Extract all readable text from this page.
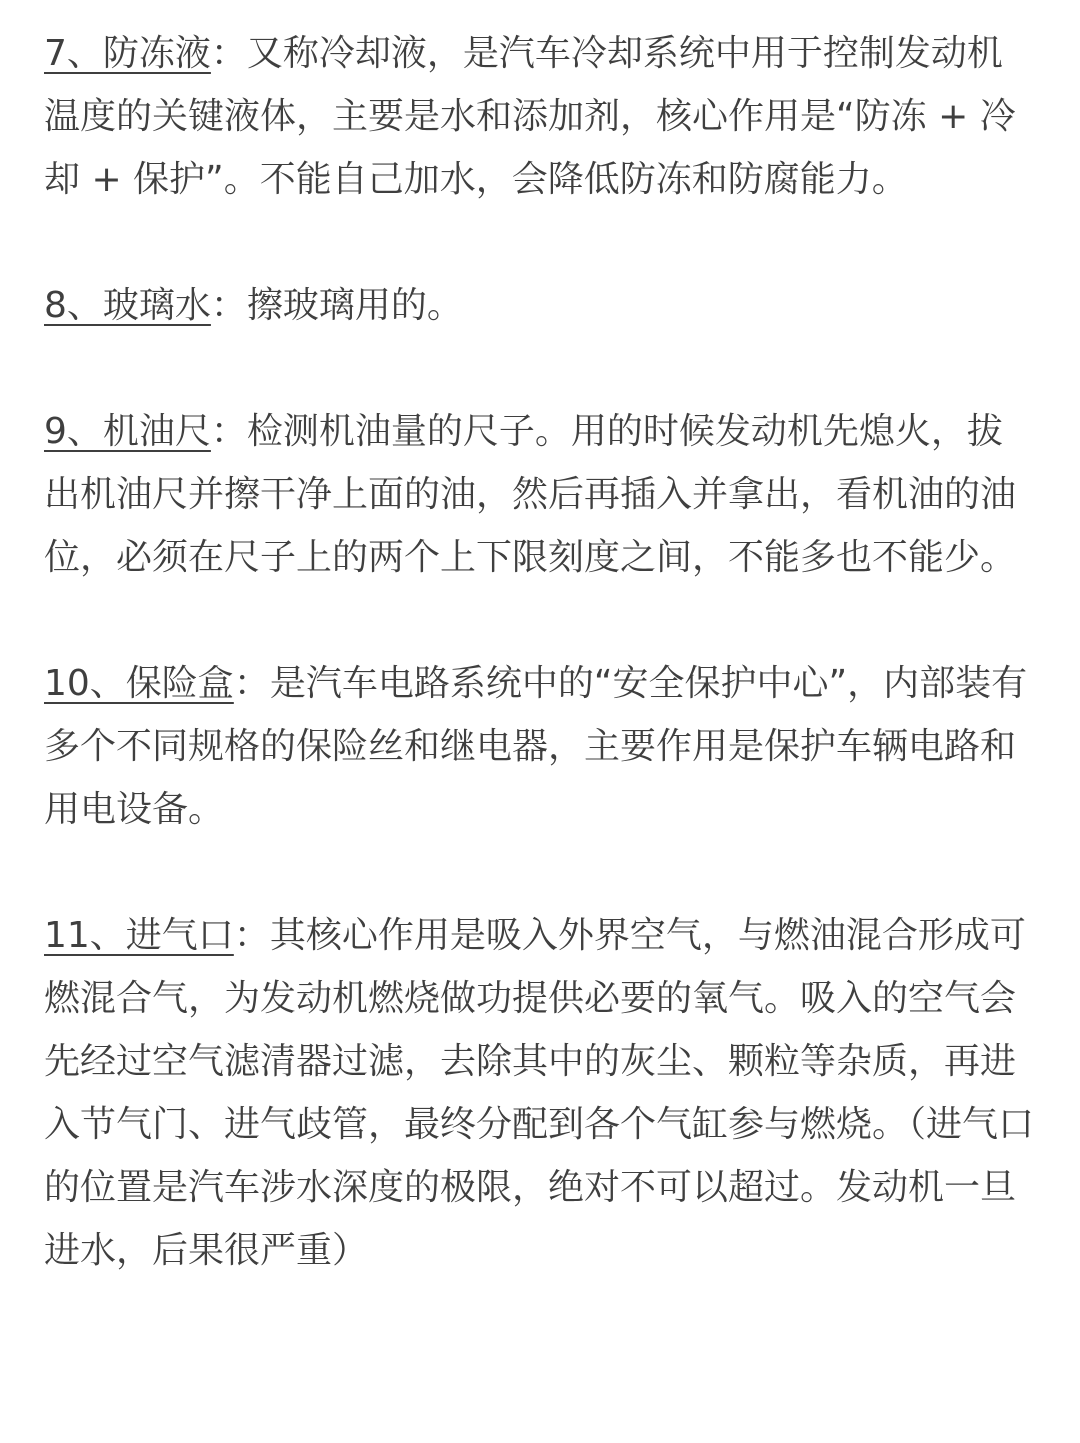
7、防冻液：又称冷却液，是汽车冷却系统中用于控制发动机温度的关键液体，主要是水和添加剂，核心作用是“防冻 + 冷却 + 保护”。不能自己加水，会降低防冻和防腐能力。

8、玻璃水：擦玻璃用的。

9、机油尺：检测机油量的尺子。用的时候发动机先熄火，拔出机油尺并擦干净上面的油，然后再插入并拿出，看机油的油位，必须在尺子上的两个上下限刻度之间，不能多也不能少。

10、保险盒：是汽车电路系统中的“安全保护中心”，内部装有多个不同规格的保险丝和继电器，主要作用是保护车辆电路和用电设备。

11、进气口：其核心作用是吸入外界空气，与燃油混合形成可燃混合气，为发动机燃烧做功提供必要的氧气。吸入的空气会先经过空气滤清器过滤，去除其中的灰尘、颗粒等杂质，再进入节气门、进气歧管，最终分配到各个气缸参与燃烧。（进气口的位置是汽车涉水深度的极限，绝对不可以超过。发动机一旦进水，后果很严重）
